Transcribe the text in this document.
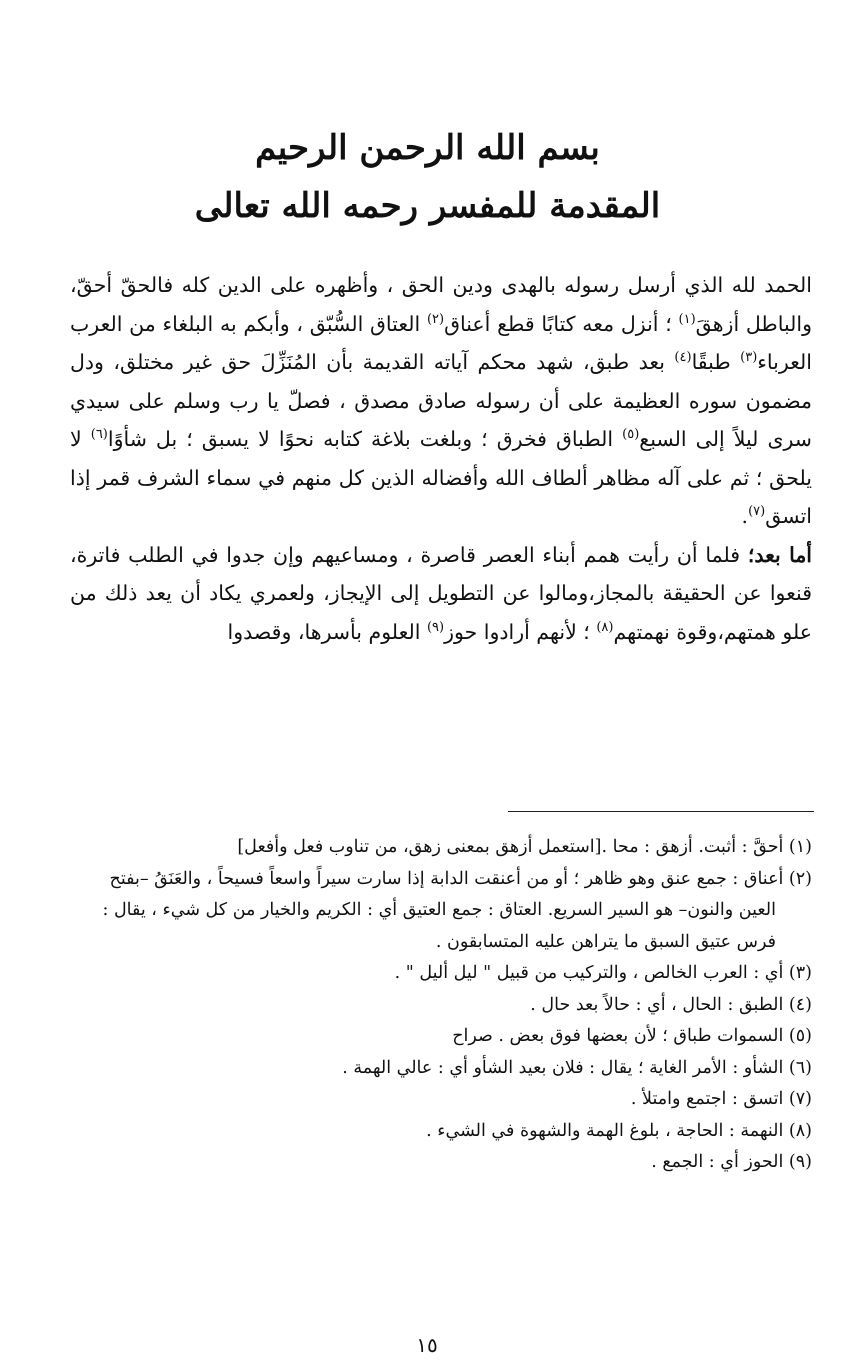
بسم الله الرحمن الرحيم
المقدمة للمفسر رحمه الله تعالى

الحمد لله الذي أرسل رسوله بالهدى ودين الحق ، وأظهره على الدين كله فالحقّ أحقّ، والباطل أزهقَ$^{(١)}$ ؛ أنزل معه كتابًا قطع أعناق$^{(٢)}$ العتاق السُّبّق ، وأبكم به البلغاء من العرب العرباء$^{(٣)}$ طبقًا$^{(٤)}$ بعد طبق، شهد محكم آياته القديمة بأن المُنَزِّلَ حق غير مختلق، ودل مضمون سوره العظيمة على أن رسوله صادق مصدق ، فصلّ يا رب وسلم على سيدي سرى ليلاً إلى السبع$^{(٥)}$ الطباق فخرق ؛ وبلغت بلاغة كتابه نحوًا لا يسبق ؛ بل شأوًا$^{(٦)}$ لا يلحق ؛ ثم على آله مظاهر ألطاف الله وأفضاله الذين كل منهم في سماء الشرف قمر إذا اتسق$^{(٧)}$.

أما بعد؛ فلما أن رأيت همم أبناء العصر قاصرة ، ومساعيهم وإن جدوا في الطلب فاترة، قنعوا عن الحقيقة بالمجاز،ومالوا عن التطويل إلى الإيجاز، ولعمري يكاد أن يعد ذلك من علو همتهم،وقوة نهمتهم$^{(٨)}$ ؛ لأنهم أرادوا حوز$^{(٩)}$ العلوم بأسرها، وقصدوا

(١) أحقَّ : أثبت. أزهق : محا .[استعمل أزهق بمعنى زهق، من تناوب فعل وأفعل]

(٢) أعناق : جمع عنق وهو ظاهر ؛ أو من أعنقت الدابة إذا سارت سيراً واسعاً فسيحاً ، والعَنَقُ –بفتح العين والنون– هو السير السريع. العتاق : جمع العتيق أي : الكريم والخيار من كل شيء ، يقال : فرس عتيق السبق ما يتراهن عليه المتسابقون .

(٣) أي : العرب الخالص ، والتركيب من قبيل " ليل أليل " .

(٤) الطبق : الحال ، أي : حالاً بعد حال .

(٥) السموات طباق ؛ لأن بعضها فوق بعض . صراح

(٦) الشأو : الأمر الغاية ؛ يقال : فلان بعيد الشأو أي : عالي الهمة .

(٧) اتسق : اجتمع وامتلأ .

(٨) النهمة : الحاجة ، بلوغ الهمة والشهوة في الشيء .

(٩) الحوز أي : الجمع .

١٥
